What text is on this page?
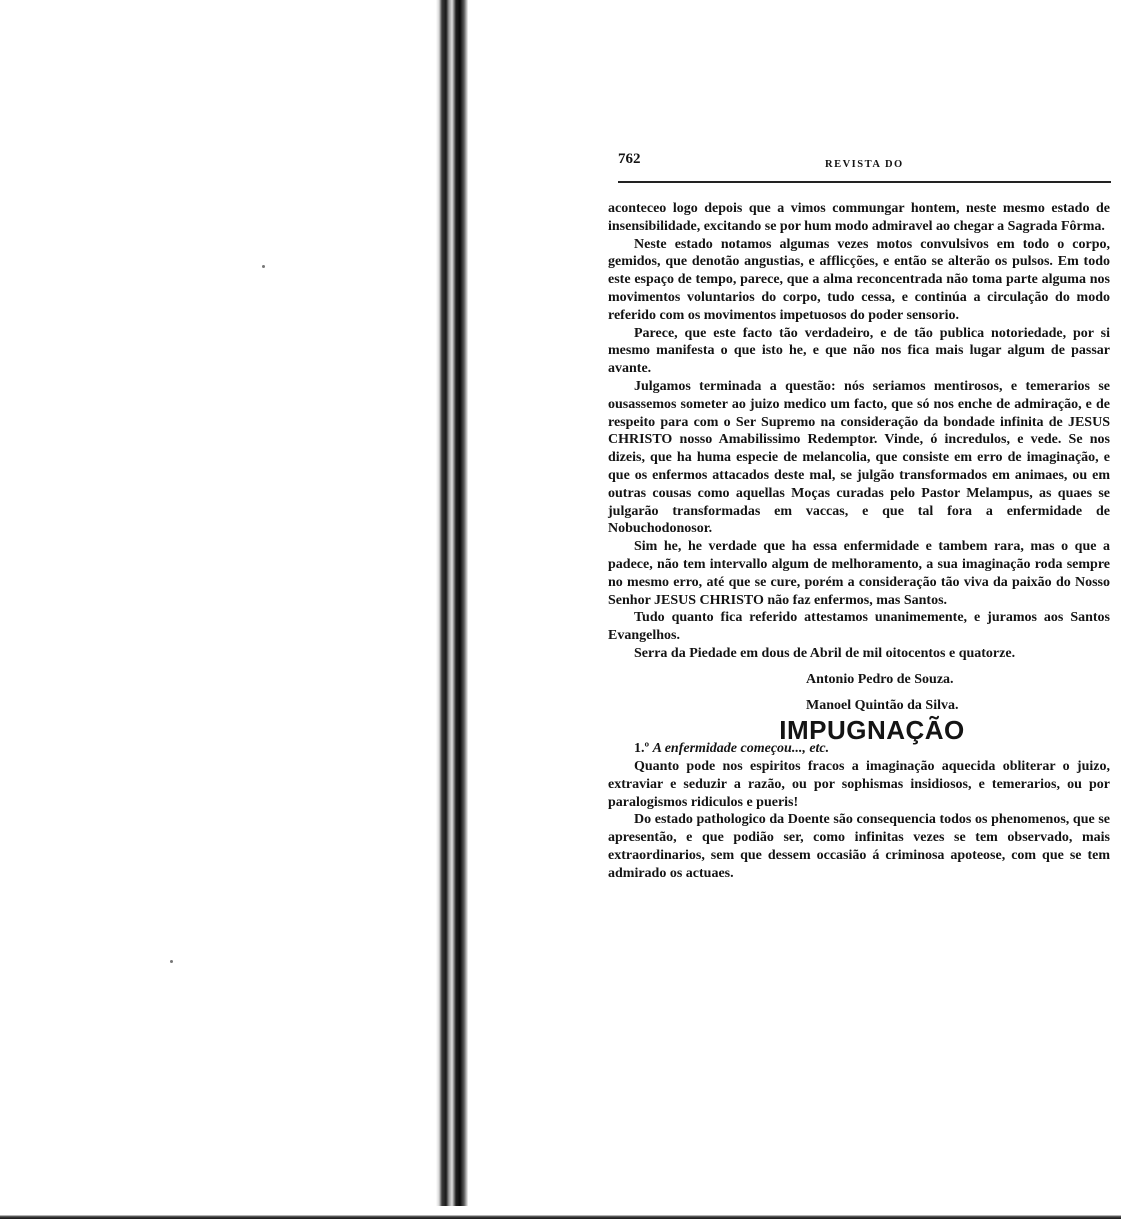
762	REVISTA DO

aconteceo logo depois que a vimos commungar hontem, neste mesmo estado de insensibilidade, excitando se por hum modo admiravel ao chegar a Sagrada Fôrma.

Neste estado notamos algumas vezes motos convulsivos em todo o corpo, gemidos, que denotão angustias, e afflicções, e então se alterão os pulsos. Em todo este espaço de tempo, parece, que a alma reconcentrada não toma parte alguma nos movimentos voluntarios do corpo, tudo cessa, e continúa a circulação do modo referido com os movimentos impetuosos do poder sensorio.

Parece, que este facto tão verdadeiro, e de tão publica notoriedade, por si mesmo manifesta o que isto he, e que não nos fica mais lugar algum de passar avante.

Julgamos terminada a questão: nós seriamos mentirosos, e temerarios se ousassemos someter ao juizo medico um facto, que só nos enche de admiração, e de respeito para com o Ser Supremo na consideração da bondade infinita de JESUS CHRISTO nosso Amabilissimo Redemptor. Vinde, ó incredulos, e vede. Se nos dizeis, que ha huma especie de melancolia, que consiste em erro de imaginação, e que os enfermos attacados deste mal, se julgão transformados em animaes, ou em outras cousas como aquellas Moças curadas pelo Pastor Melampus, as quaes se julgarão transformadas em vaccas, e que tal fora a enfermidade de Nobuchodonosor.

Sim he, he verdade que ha essa enfermidade e tambem rara, mas o que a padece, não tem intervallo algum de melhoramento, a sua imaginação roda sempre no mesmo erro, até que se cure, porém a consideração tão viva da paixão do Nosso Senhor JESUS CHRISTO não faz enfermos, mas Santos.

Tudo quanto fica referido attestamos unanimemente, e juramos aos Santos Evangelhos.

Serra da Piedade em dous de Abril de mil oitocentos e quatorze.

Antonio Pedro de Souza.
Manoel Quintão da Silva.

IMPUGNAÇÃO

1.º A enfermidade começou..., etc.

Quanto pode nos espiritos fracos a imaginação aquecida obliterar o juizo, extraviar e seduzir a razão, ou por sophismas insidiosos, e temerarios, ou por paralogismos ridiculos e pueris!

Do estado pathologico da Doente são consequencia todos os phenomenos, que se apresentão, e que podião ser, como infinitas vezes se tem observado, mais extraordinarios, sem que dessem occasião á criminosa apoteose, com que se tem admirado os actuaes.
